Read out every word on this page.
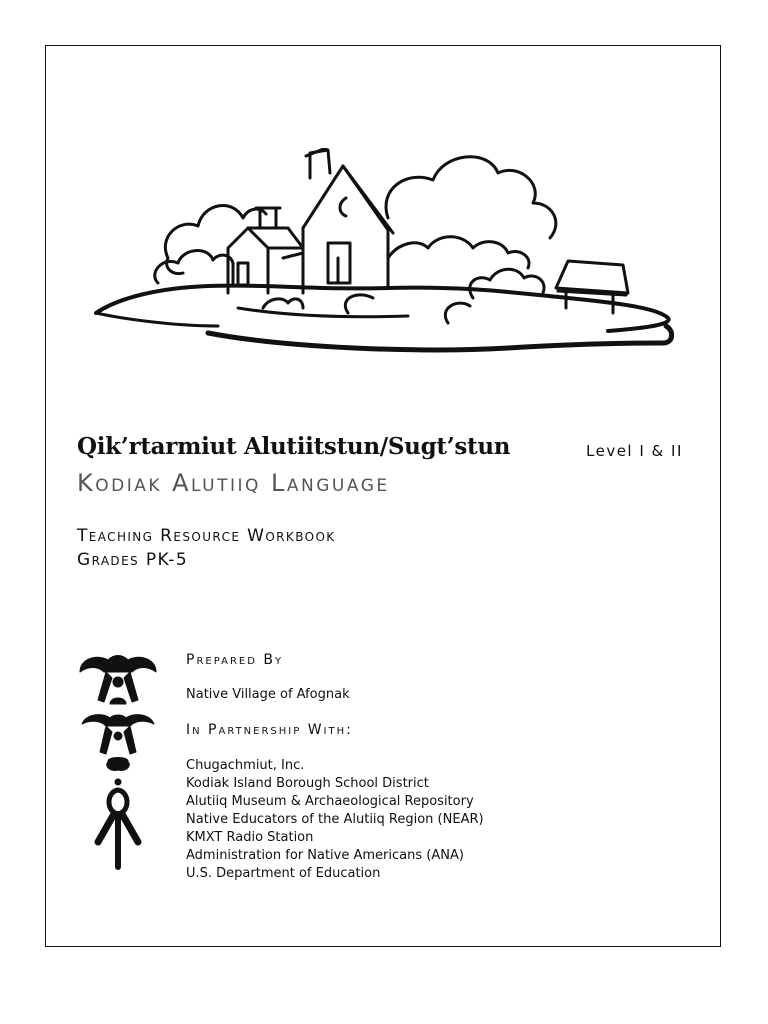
Qik’rtarmiut Alutiitstun/Sugt’stun	Level I & II
Kodiak Alutiiq Language
Teaching Resource Workbook
Grades PK-5
Prepared By
Native Village of Afognak
In Partnership With:
Chugachmiut, Inc.
Kodiak Island Borough School District
Alutiiq Museum & Archaeological Repository
Native Educators of the Alutiiq Region (NEAR)
KMXT Radio Station
Administration for Native Americans (ANA)
U.S. Department of Education
